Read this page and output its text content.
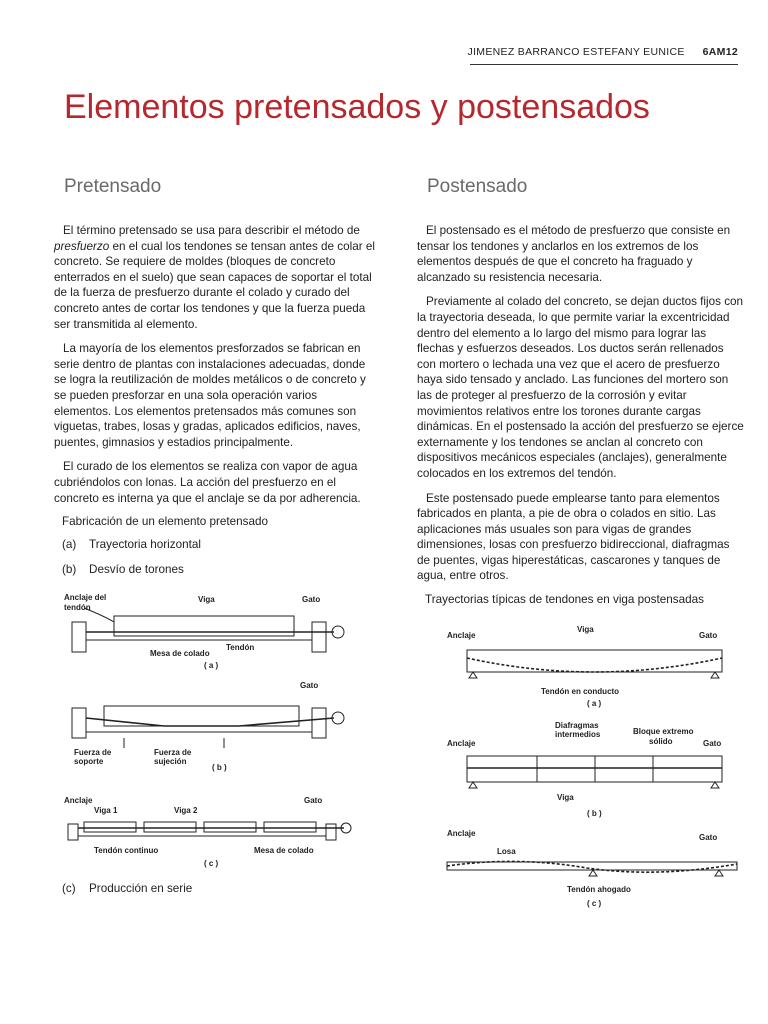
JIMENEZ BARRANCO ESTEFANY EUNICE 6AM12
Elementos pretensados y postensados
Pretensado

El término pretensado se usa para describir el método de presfuerzo en el cual los tendones se tensan antes de colar el concreto. Se requiere de moldes (bloques de concreto enterrados en el suelo) que sean capaces de soportar el total de la fuerza de presfuerzo durante el colado y curado del concreto antes de cortar los tendones y que la fuerza pueda ser transmitida al elemento.

La mayoría de los elementos presforzados se fabrican en serie dentro de plantas con instalaciones adecuadas, donde se logra la reutilización de moldes metálicos o de concreto y se pueden presforzar en una sola operación varios elementos. Los elementos pretensados más comunes son viguetas, trabes, losas y gradas, aplicados edificios, naves, puentes, gimnasios y estadios principalmente.

El curado de los elementos se realiza con vapor de agua cubriéndolos con lonas. La acción del presfuerzo en el concreto es interna ya que el anclaje se da por adherencia.

Fabricación de un elemento pretensado
(a)	Trayectoria horizontal
(b)	Desvío de torones
Anclaje del
tendón
Viga	Gato
Mesa de colado
Tendón
( a )
Gato
Fuerza de
soporte
Fuerza de
sujeción
( b )
Anclaje
Viga 1	Viga 2
Gato
Tendón continuo	Mesa de colado
( c )
(c)	Producción en serie
Postensado

El postensado es el método de presfuerzo que consiste en tensar los tendones y anclarlos en los extremos de los elementos después de que el concreto ha fraguado y alcanzado su resistencia necesaria.

Previamente al colado del concreto, se dejan ductos fijos con la trayectoria deseada, lo que permite variar la excentricidad dentro del elemento a lo largo del mismo para lograr las flechas y esfuerzos deseados. Los ductos serán rellenados con mortero o lechada una vez que el acero de presfuerzo haya sido tensado y anclado. Las funciones del mortero son las de proteger al presfuerzo de la corrosión y evitar movimientos relativos entre los torones durante cargas dinámicas. En el postensado la acción del presfuerzo se ejerce externamente y los tendones se anclan al concreto con dispositivos mecánicos especiales (anclajes), generalmente colocados en los extremos del tendón.

Este postensado puede emplearse tanto para elementos fabricados en planta, a pie de obra o colados en sitio. Las aplicaciones más usuales son para vigas de grandes dimensiones, losas con presfuerzo bidireccional, diafragmas de puentes, vigas hiperestáticas, cascarones y tanques de agua, entre otros.

Trayectorias típicas de tendones en viga postensadas
Anclaje
Viga
Gato
Tendón en conducto
( a )
Diafragmas
intermedios	Bloque extremo
sólido
Anclaje	Gato
Viga
( b )
Anclaje
Losa
Gato
Tendón ahogado
( c )
